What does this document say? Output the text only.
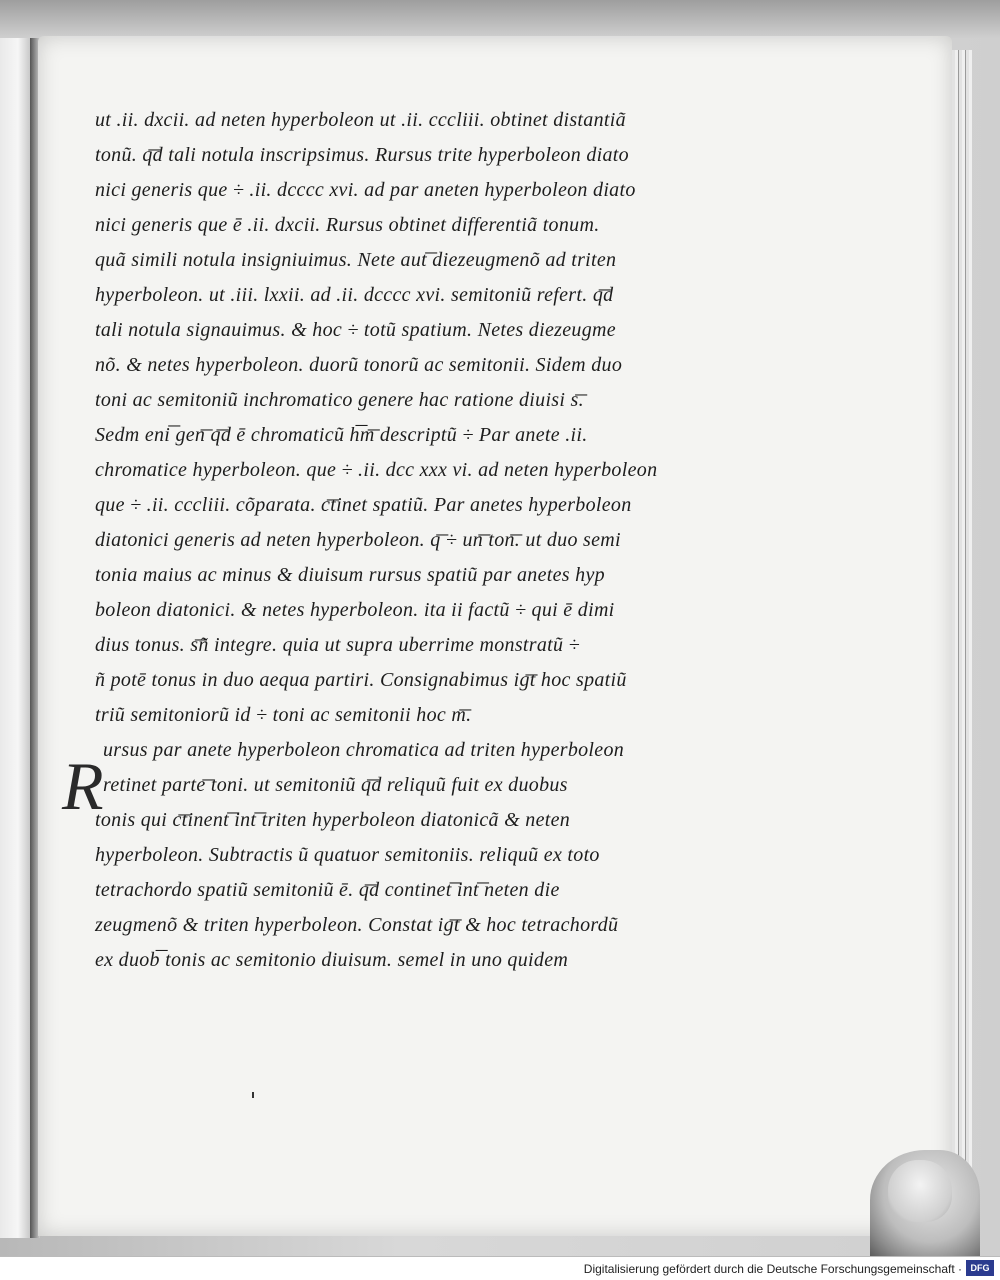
R
ut .ii. dxcii. ad neten hyperboleon ut .ii. cccliii. obtinet distantiã
tonũ. q͞d tali notula inscripsimus. Rursus trite hyperboleon diato
nici generis que ÷ .ii. dcccc xvi. ad par aneten hyperboleon diato
nici generis que ē .ii. dxcii. Rursus obtinet differentiã tonum.
quã simili notula insigniuimus. Nete aut͞ diezeugmenõ ad triten
hyperboleon. ut .iii. lxxii. ad .ii. dcccc xvi. semitoniũ refert. q͞d
tali notula signauimus. & hoc ÷ totũ spatium. Netes diezeugme
nõ. & netes hyperboleon. duorũ tonorũ ac semitonii. Sidem duo
toni ac semitoniũ inchromatico genere hac ratione diuisi s͞.
Sedm eni͞ gen͞ q͞d ē chromaticũ h͞m͞ descriptũ ÷ Par anete .ii.
chromatice hyperboleon. que ÷ .ii. dcc xxx vi. ad neten hyperboleon
que ÷ .ii. cccliii. cõparata. c͞tinet spatiũ. Par anetes hyperboleon
diatonici generis ad neten hyperboleon. q͞ ÷ un͞ ton͞. ut duo semi
tonia maius ac minus & diuisum rursus spatiũ par anetes hyp
boleon diatonici. & netes hyperboleon. ita ii factũ ÷ qui ē dimi
dius tonus. s͞ñ integre. quia ut supra uberrime monstratũ ÷
ñ potē tonus in duo aequa partiri. Consignabimus ig͞t hoc spatiũ
triũ semitoniorũ id ÷ toni ac semitonii hoc m͞.
ursus par anete hyperboleon chromatica ad triten hyperboleon
retinet parte͞ toni. ut semitoniũ q͞d reliquũ fuit ex duobus
tonis qui c͞tinent͞ int͞ triten hyperboleon diatonicã & neten
hyperboleon. Subtractis ũ quatuor semitoniis. reliquũ ex toto
tetrachordo spatiũ semitoniũ ē. q͞d continet͞ int͞ neten die
zeugmenõ & triten hyperboleon. Constat ig͞t & hoc tetrachordũ
ex duob͞ tonis ac semitonio diuisum. semel in uno quidem
Digitalisierung gefördert durch die Deutsche Forschungsgemeinschaft · DFG
